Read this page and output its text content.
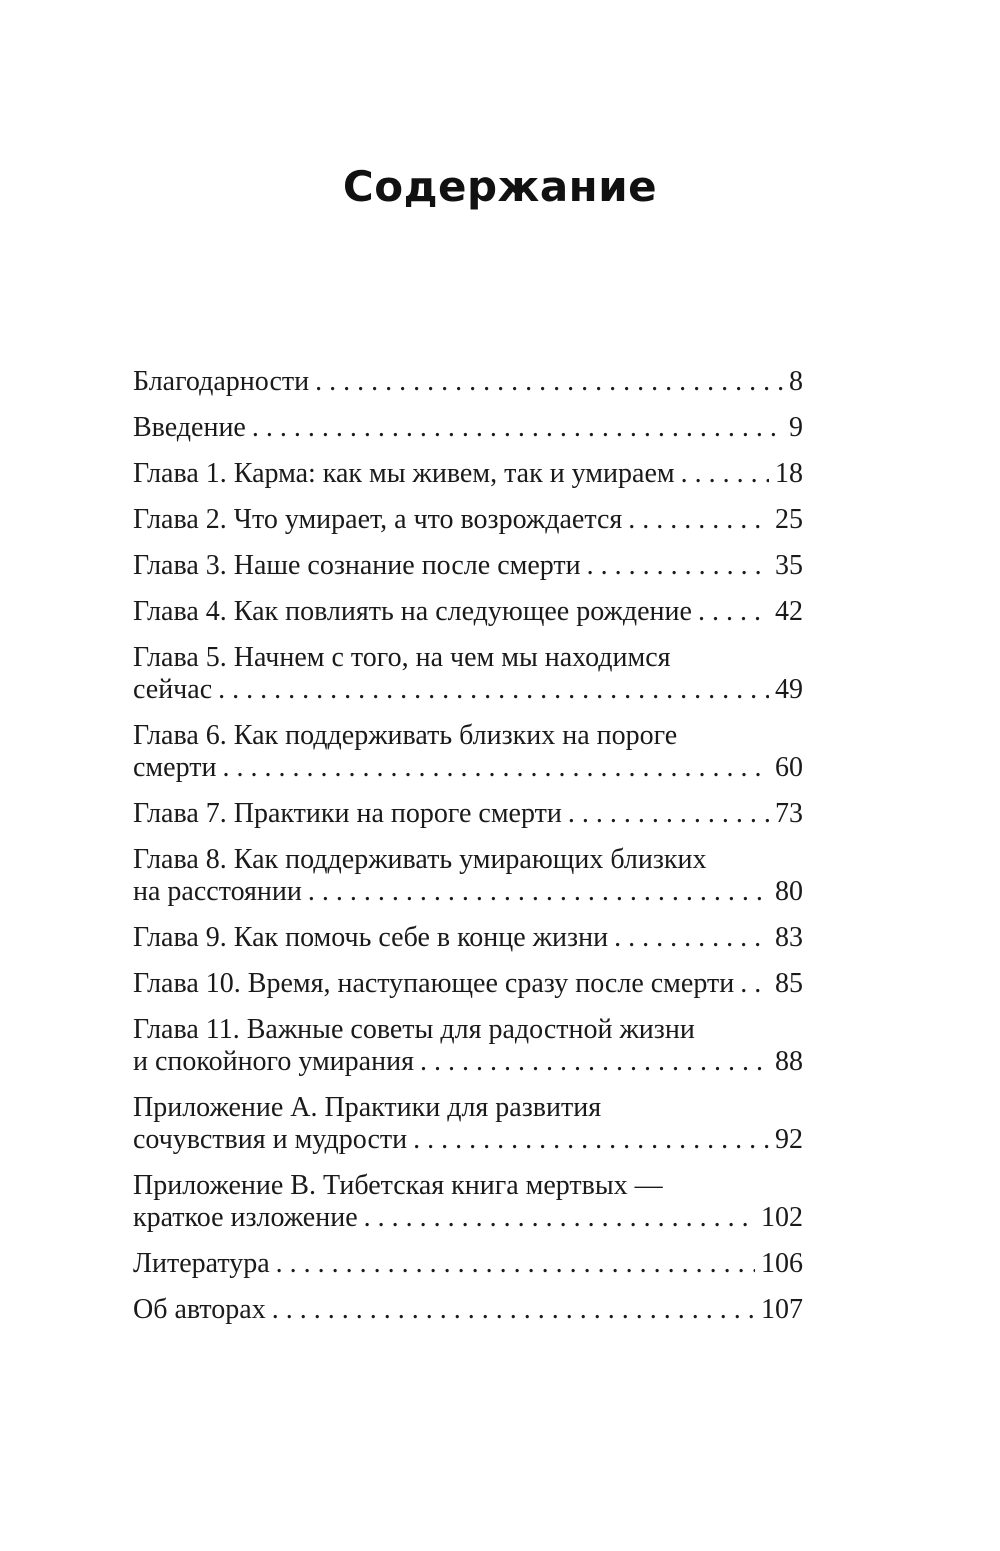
Содержание
Благодарности . . .	8
Введение . . .	9
Глава 1. Карма: как мы живем, так и умираем . . .	18
Глава 2. Что умирает, а что возрождается . . .	25
Глава 3. Наше сознание после смерти . . .	35
Глава 4. Как повлиять на следующее рождение . . .	42
Глава 5. Начнем с того, на чем мы находимся
сейчас . . .	49
Глава 6. Как поддерживать близких на пороге
смерти . . .	60
Глава 7. Практики на пороге смерти . . .	73
Глава 8. Как поддерживать умирающих близких
на расстоянии . . .	80
Глава 9. Как помочь себе в конце жизни . . .	83
Глава 10. Время, наступающее сразу после смерти . . . 85
Глава 11. Важные советы для радостной жизни
и спокойного умирания . . .	88
Приложение А. Практики для развития
сочувствия и мудрости . . .	92
Приложение В. Тибетская книга мертвых —
краткое изложение . . .	102
Литература . . .	106
Об авторах . . .	107
